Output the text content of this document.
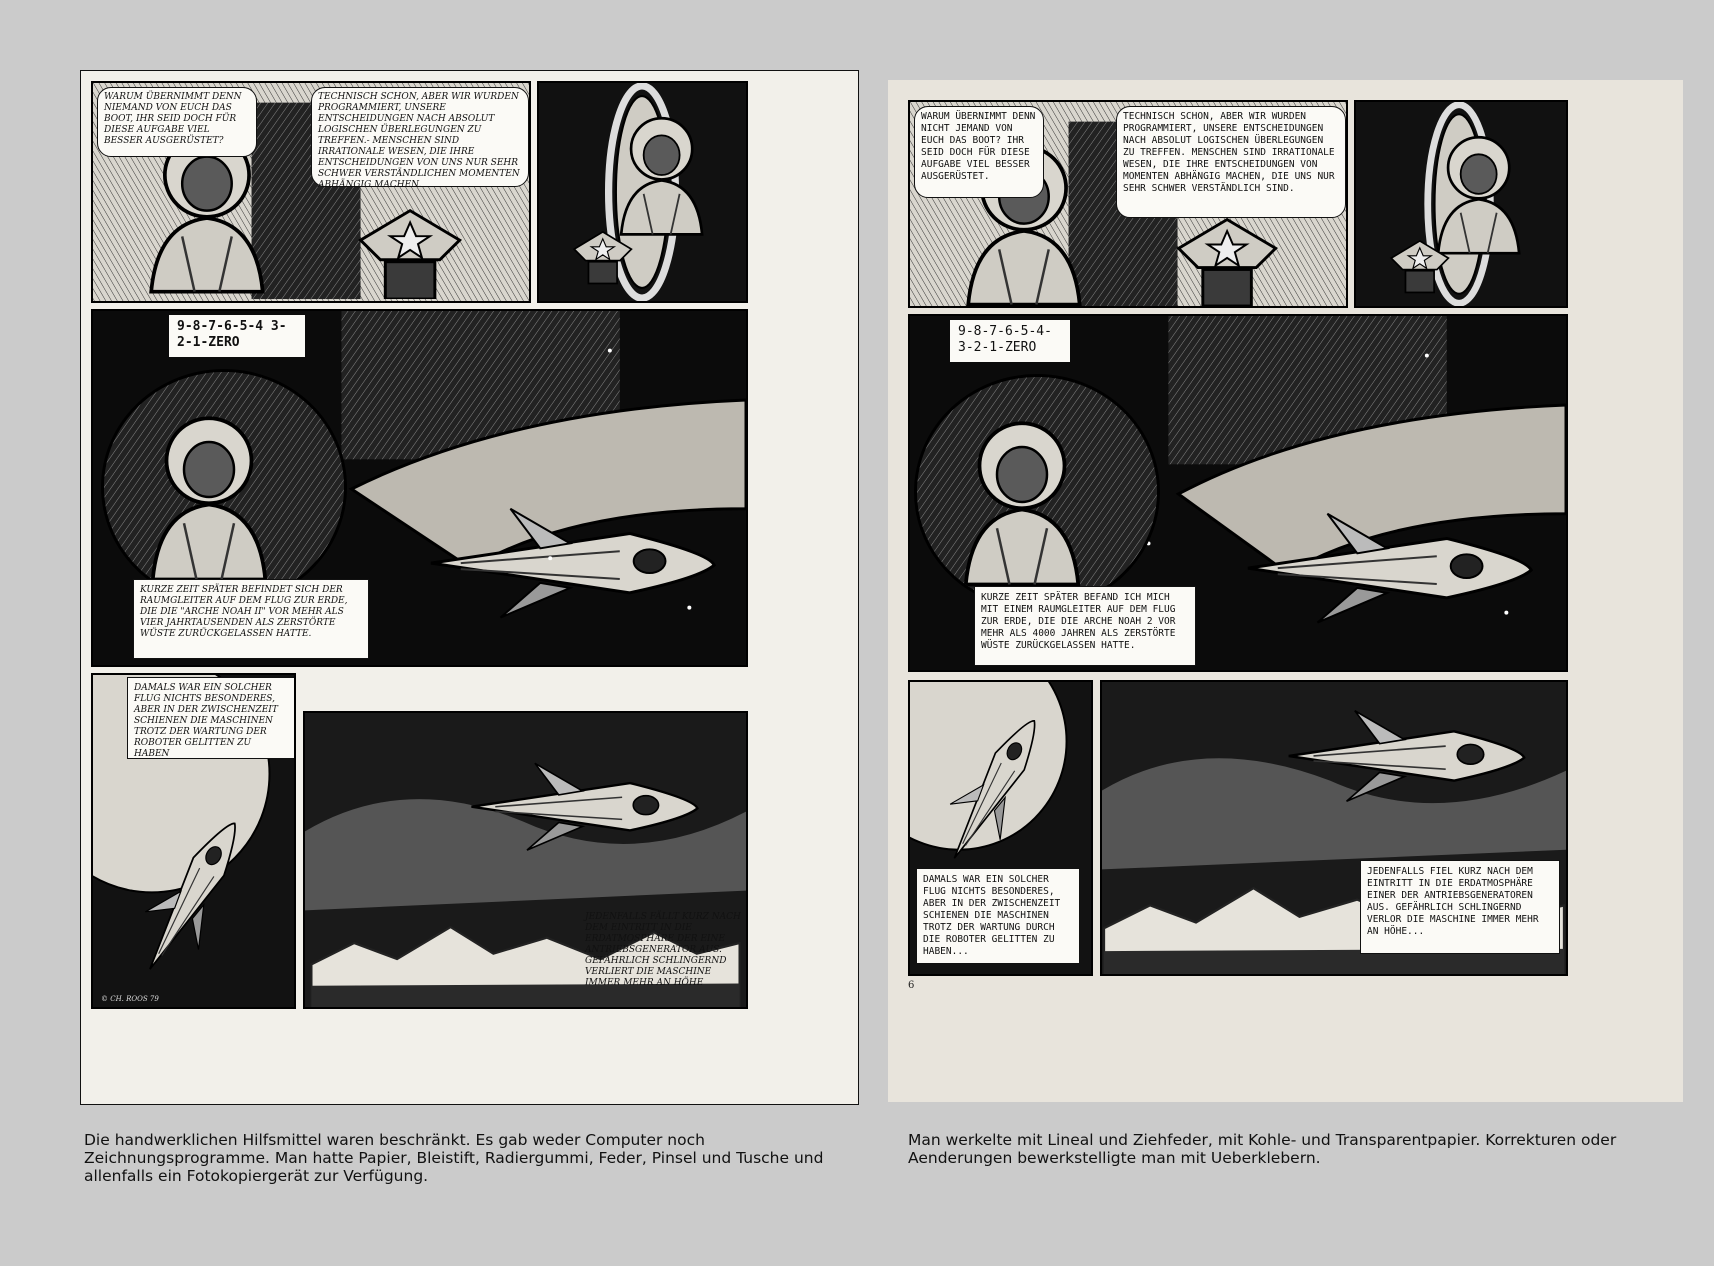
WARUM ÜBERNIMMT DENN NIEMAND VON EUCH DAS BOOT, IHR SEID DOCH FÜR DIESE AUFGABE VIEL BESSER AUSGERÜSTET?
TECHNISCH SCHON, ABER WIR WURDEN PROGRAMMIERT, UNSERE ENTSCHEIDUNGEN NACH ABSOLUT LOGISCHEN ÜBERLEGUNGEN ZU TREFFEN.- MENSCHEN SIND IRRATIONALE WESEN, DIE IHRE ENTSCHEIDUNGEN VON UNS NUR SEHR SCHWER VERSTÄNDLICHEN MOMENTEN ABHÄNGIG MACHEN.
9-8-7-6-5-4 3-2-1-ZERO
KURZE ZEIT SPÄTER BEFINDET SICH DER RAUMGLEITER AUF DEM FLUG ZUR ERDE, DIE DIE "ARCHE NOAH II" VOR MEHR ALS VIER JAHRTAUSENDEN ALS ZERSTÖRTE WÜSTE ZURÜCKGELASSEN HATTE.
DAMALS WAR EIN SOLCHER FLUG NICHTS BESONDERES, ABER IN DER ZWISCHENZEIT SCHIENEN DIE MASCHINEN TROTZ DER WARTUNG DER ROBOTER GELITTEN ZU HABEN
© CH. ROOS 79
JEDENFALLS FÄLLT KURZ NACH DEM EINTRITT IN DIE ERDATMOSPHÄRE DER EINE ANTRIEBSGENERATOR AUS. GEFÄHRLICH SCHLINGERND VERLIERT DIE MASCHINE IMMER MEHR AN HÖHE
WARUM ÜBERNIMMT DENN NICHT JEMAND VON EUCH DAS BOOT? IHR SEID DOCH FÜR DIESE AUFGABE VIEL BESSER AUSGERÜSTET.
TECHNISCH SCHON, ABER WIR WURDEN PROGRAMMIERT, UNSERE ENTSCHEIDUNGEN NACH ABSOLUT LOGISCHEN ÜBERLEGUNGEN ZU TREFFEN. MENSCHEN SIND IRRATIONALE WESEN, DIE IHRE ENTSCHEIDUNGEN VON MOMENTEN ABHÄNGIG MACHEN, DIE UNS NUR SEHR SCHWER VERSTÄNDLICH SIND.
9-8-7-6-5-4- 3-2-1-ZERO
KURZE ZEIT SPÄTER BEFAND ICH MICH MIT EINEM RAUMGLEITER AUF DEM FLUG ZUR ERDE, DIE DIE ARCHE NOAH 2 VOR MEHR ALS 4000 JAHREN ALS ZERSTÖRTE WÜSTE ZURÜCKGELASSEN HATTE.
DAMALS WAR EIN SOLCHER FLUG NICHTS BESONDERES, ABER IN DER ZWISCHENZEIT SCHIENEN DIE MASCHINEN TROTZ DER WARTUNG DURCH DIE ROBOTER GELITTEN ZU HABEN...
JEDENFALLS FIEL KURZ NACH DEM EINTRITT IN DIE ERDATMOSPHÄRE EINER DER ANTRIEBSGENERATOREN AUS. GEFÄHRLICH SCHLINGERND VERLOR DIE MASCHINE IMMER MEHR AN HÖHE...
6
Die handwerklichen Hilfsmittel waren beschränkt. Es gab weder Computer noch Zeichnungsprogramme. Man hatte Papier, Bleistift, Radiergummi, Feder, Pinsel und Tusche und allenfalls ein Fotokopiergerät zur Verfügung.
Man werkelte mit Lineal und Ziehfeder, mit Kohle- und Transparentpapier. Korrekturen oder Aenderungen bewerkstelligte man mit Ueberklebern.
